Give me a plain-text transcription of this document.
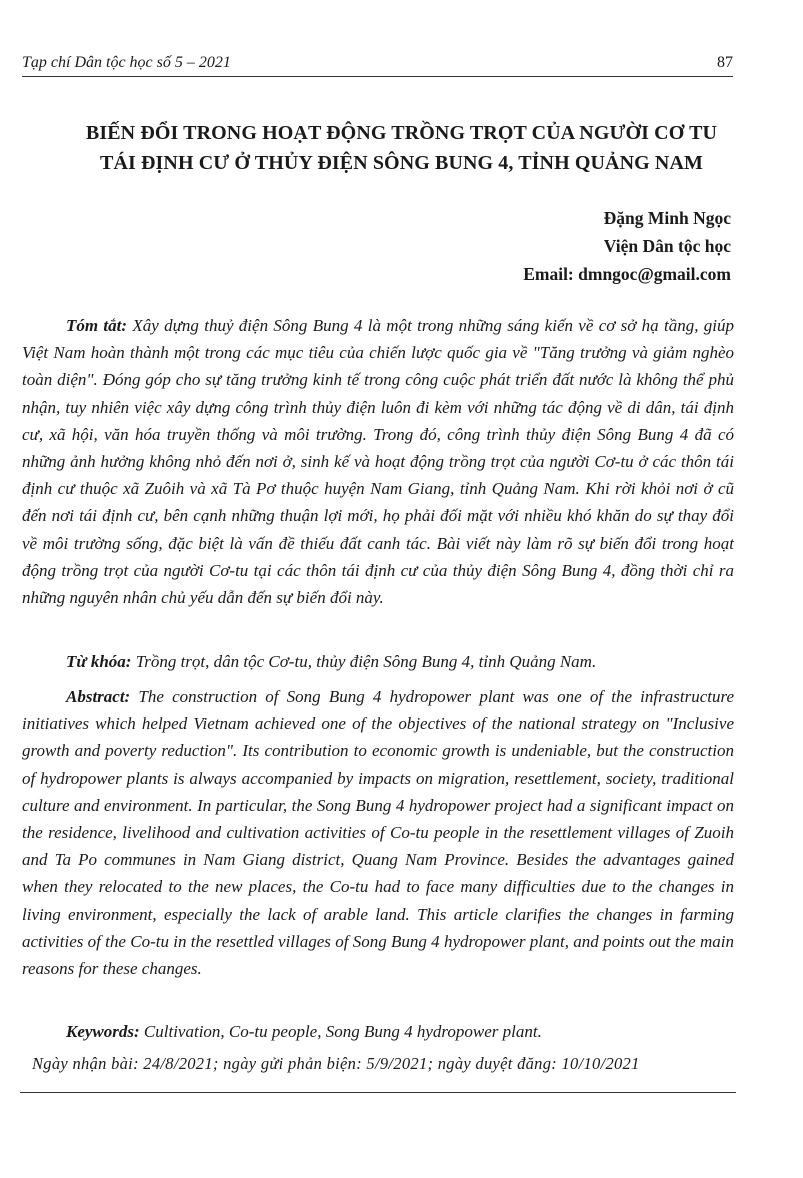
Tạp chí Dân tộc học số 5 – 2021	87
BIẾN ĐỔI TRONG HOẠT ĐỘNG TRỒNG TRỌT CỦA NGƯỜI CƠ TU
TÁI ĐỊNH CƯ Ở THỦY ĐIỆN SÔNG BUNG 4, TỈNH QUẢNG NAM
Đặng Minh Ngọc
Viện Dân tộc học
Email: dmngoc@gmail.com

Tóm tắt: Xây dựng thuỷ điện Sông Bung 4 là một trong những sáng kiến về cơ sở hạ tầng, giúp Việt Nam hoàn thành một trong các mục tiêu của chiến lược quốc gia về "Tăng trưởng và giảm nghèo toàn diện". Đóng góp cho sự tăng trưởng kinh tế trong công cuộc phát triển đất nước là không thể phủ nhận, tuy nhiên việc xây dựng công trình thủy điện luôn đi kèm với những tác động về di dân, tái định cư, xã hội, văn hóa truyền thống và môi trường. Trong đó, công trình thủy điện Sông Bung 4 đã có những ảnh hưởng không nhỏ đến nơi ở, sinh kế và hoạt động trồng trọt của người Cơ-tu ở các thôn tái định cư thuộc xã Zuôih và xã Tà Pơ thuộc huyện Nam Giang, tỉnh Quảng Nam. Khi rời khỏi nơi ở cũ đến nơi tái định cư, bên cạnh những thuận lợi mới, họ phải đối mặt với nhiều khó khăn do sự thay đổi về môi trường sống, đặc biệt là vấn đề thiếu đất canh tác. Bài viết này làm rõ sự biến đổi trong hoạt động trồng trọt của người Cơ-tu tại các thôn tái định cư của thủy điện Sông Bung 4, đồng thời chỉ ra những nguyên nhân chủ yếu dẫn đến sự biến đổi này.

Từ khóa: Trồng trọt, dân tộc Cơ-tu, thủy điện Sông Bung 4, tỉnh Quảng Nam.

Abstract: The construction of Song Bung 4 hydropower plant was one of the infrastructure initiatives which helped Vietnam achieved one of the objectives of the national strategy on "Inclusive growth and poverty reduction". Its contribution to economic growth is undeniable, but the construction of hydropower plants is always accompanied by impacts on migration, resettlement, society, traditional culture and environment. In particular, the Song Bung 4 hydropower project had a significant impact on the residence, livelihood and cultivation activities of Co-tu people in the resettlement villages of Zuoih and Ta Po communes in Nam Giang district, Quang Nam Province. Besides the advantages gained when they relocated to the new places, the Co-tu had to face many difficulties due to the changes in living environment, especially the lack of arable land. This article clarifies the changes in farming activities of the Co-tu in the resettled villages of Song Bung 4 hydropower plant, and points out the main reasons for these changes.

Keywords: Cultivation, Co-tu people, Song Bung 4 hydropower plant.

Ngày nhận bài: 24/8/2021; ngày gửi phản biện: 5/9/2021; ngày duyệt đăng: 10/10/2021
